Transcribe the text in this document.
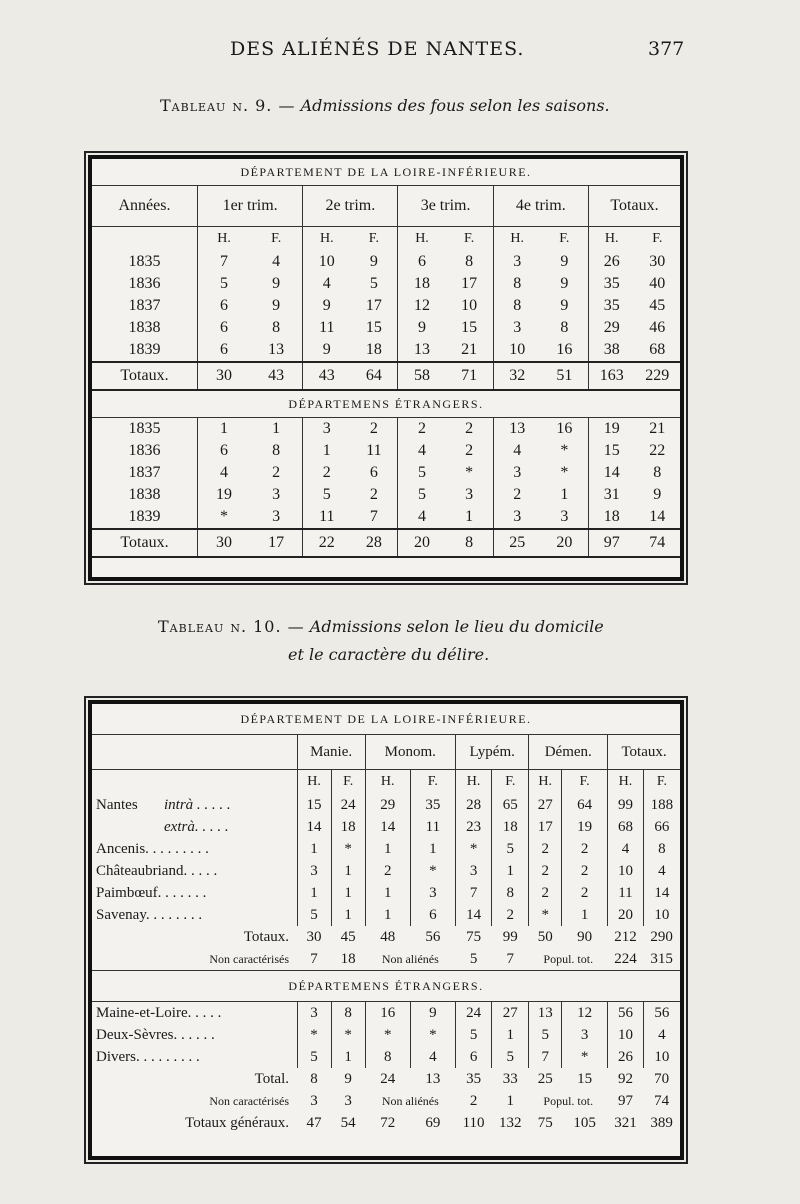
DES ALIÉNÉS DE NANTES.	377
Tableau n. 9. — Admissions des fous selon les saisons.
DÉPARTEMENT DE LA LOIRE-INFÉRIEURE.										
Années.	1er trim.		2e trim.		3e trim.		4e trim.		Totaux.	
	H.	F.	H.	F.	H.	F.	H.	F.	H.	F.
1835	7	4	10	9	6	8	3	9	26	30
1836	5	9	4	5	18	17	8	9	35	40
1837	6	9	9	17	12	10	8	9	35	45
1838	6	8	11	15	9	15	3	8	29	46
1839	6	13	9	18	13	21	10	16	38	68
Totaux.	30	43	43	64	58	71	32	51	163	229
DÉPARTEMENS ÉTRANGERS.										
1835	1	1	3	2	2	2	13	16	19	21
1836	6	8	1	11	4	2	4	*	15	22
1837	4	2	2	6	5	*	3	*	14	8
1838	19	3	5	2	5	3	2	1	31	9
1839	*	3	11	7	4	1	3	3	18	14
Totaux.	30	17	22	28	20	8	25	20	97	74
Tableau n. 10. — Admissions selon le lieu du domicile
et le caractère du délire.
DÉPARTEMENT DE LA LOIRE-INFÉRIEURE.										
	Manie.		Monom.		Lypém.		Démen.		Totaux.	
	H.	F.	H.	F.	H.	F.	H.	F.	H.	F.
Nantes intrà . . . . .	15	24	29	35	28	65	27	64	99	188
extrà. . . . .	14	18	14	11	23	18	17	19	68	66
Ancenis. . . . . . . . .	1	*	1	1	*	5	2	2	4	8
Châteaubriand. . . . .	3	1	2	*	3	1	2	2	10	4
Paimbœuf. . . . . . .	1	1	1	3	7	8	2	2	11	14
Savenay. . . . . . . .	5	1	1	6	14	2	*	1	20	10
Totaux.	30	45	48	56	75	99	50	90	212	290
Non caractérisés	7	18	Non aliénés		5	7	Popul. tot.		224	315
DÉPARTEMENS ÉTRANGERS.										
Maine-et-Loire. . . . .	3	8	16	9	24	27	13	12	56	56
Deux-Sèvres. . . . . .	*	*	*	*	5	1	5	3	10	4
Divers. . . . . . . . .	5	1	8	4	6	5	7	*	26	10
Total.	8	9	24	13	35	33	25	15	92	70
Non caractérisés	3	3	Non aliénés		2	1	Popul. tot.		97	74
Totaux généraux.	47	54	72	69	110	132	75	105	321	389
